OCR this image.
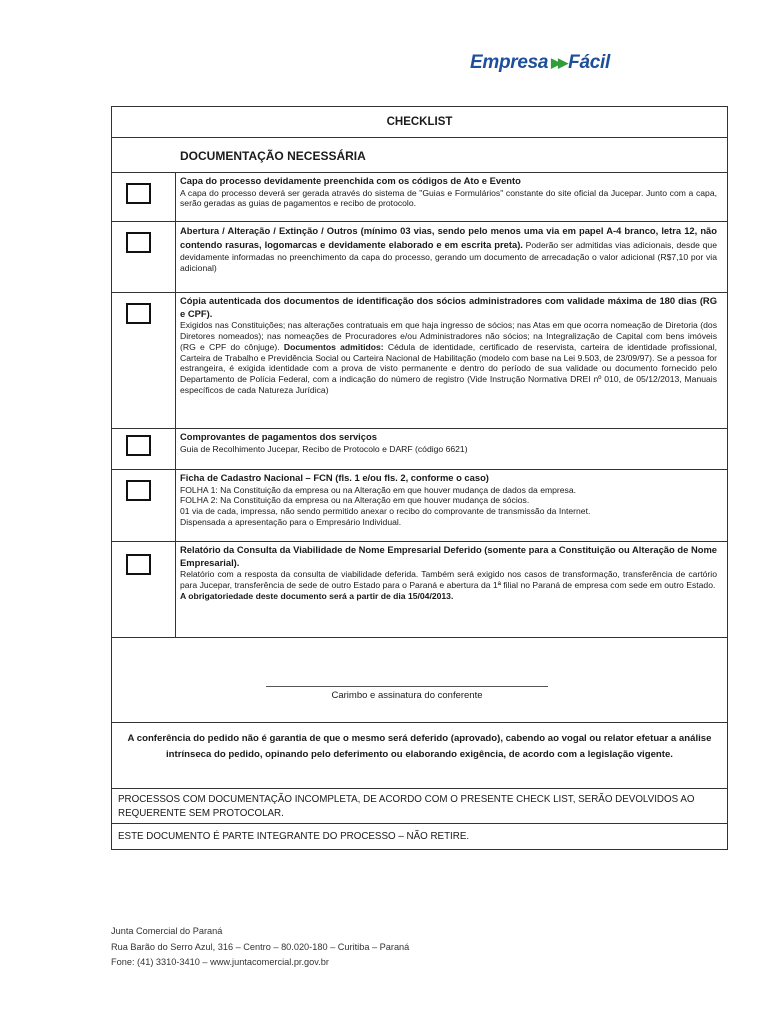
Empresa ▶▶ Fácil
CHECKLIST
DOCUMENTAÇÃO NECESSÁRIA
Capa do processo devidamente preenchida com os códigos de Ato e Evento
A capa do processo deverá ser gerada através do sistema de "Guias e Formulários" constante do site oficial da Jucepar. Junto com a capa, serão geradas as guias de pagamentos e recibo de protocolo.
Abertura / Alteração / Extinção / Outros (mínimo 03 vias, sendo pelo menos uma via em papel A-4 branco, letra 12, não contendo rasuras, logomarcas e devidamente elaborado e em escrita preta). Poderão ser admitidas vias adicionais, desde que devidamente informadas no preenchimento da capa do processo, gerando um documento de arrecadação o valor adicional (R$7,10 por via adicional)
Cópia autenticada dos documentos de identificação dos sócios administradores com validade máxima de 180 dias (RG e CPF).
Exigidos nas Constituições; nas alterações contratuais em que haja ingresso de sócios; nas Atas em que ocorra nomeação de Diretoria (dos Diretores nomeados); nas nomeações de Procuradores e/ou Administradores não sócios; na Integralização de Capital com bens imóveis (RG e CPF do cônjuge). Documentos admitidos: Cédula de identidade, certificado de reservista, carteira de identidade profissional, Carteira de Trabalho e Previdência Social ou Carteira Nacional de Habilitação (modelo com base na Lei 9.503, de 23/09/97). Se a pessoa for estrangeira, é exigida identidade com a prova de visto permanente e dentro do período de sua validade ou documento fornecido pelo Departamento de Polícia Federal, com a indicação do número de registro (Vide Instrução Normativa DREI nº 010, de 05/12/2013, Manuais específicos de cada Natureza Jurídica)
Comprovantes de pagamentos dos serviços
Guia de Recolhimento Jucepar, Recibo de Protocolo e DARF (código 6621)
Ficha de Cadastro Nacional – FCN (fls. 1 e/ou fls. 2, conforme o caso)
FOLHA 1: Na Constituição da empresa ou na Alteração em que houver mudança de dados da empresa.
FOLHA 2: Na Constituição da empresa ou na Alteração em que houver mudança de sócios.
01 via de cada, impressa, não sendo permitido anexar o recibo do comprovante de transmissão da Internet.
Dispensada a apresentação para o Empresário Individual.
Relatório da Consulta da Viabilidade de Nome Empresarial Deferido (somente para a Constituição ou Alteração de Nome Empresarial).
Relatório com a resposta da consulta de viabilidade deferida. Também será exigido nos casos de transformação, transferência de cartório para Jucepar, transferência de sede de outro Estado para o Paraná e abertura da 1ª filial no Paraná de empresa com sede em outro Estado.
A obrigatoriedade deste documento será a partir de dia 15/04/2013.
Carimbo e assinatura do conferente
A conferência do pedido não é garantia de que o mesmo será deferido (aprovado), cabendo ao vogal ou relator efetuar a análise intrínseca do pedido, opinando pelo deferimento ou elaborando exigência, de acordo com a legislação vigente.
PROCESSOS COM DOCUMENTAÇÃO INCOMPLETA, DE ACORDO COM O PRESENTE CHECK LIST, SERÃO DEVOLVIDOS AO REQUERENTE SEM PROTOCOLAR.
ESTE DOCUMENTO É PARTE INTEGRANTE DO PROCESSO – NÃO RETIRE.
Junta Comercial do Paraná
Rua Barão do Serro Azul, 316 – Centro – 80.020-180 – Curitiba – Paraná
Fone: (41) 3310-3410 – www.juntacomercial.pr.gov.br
